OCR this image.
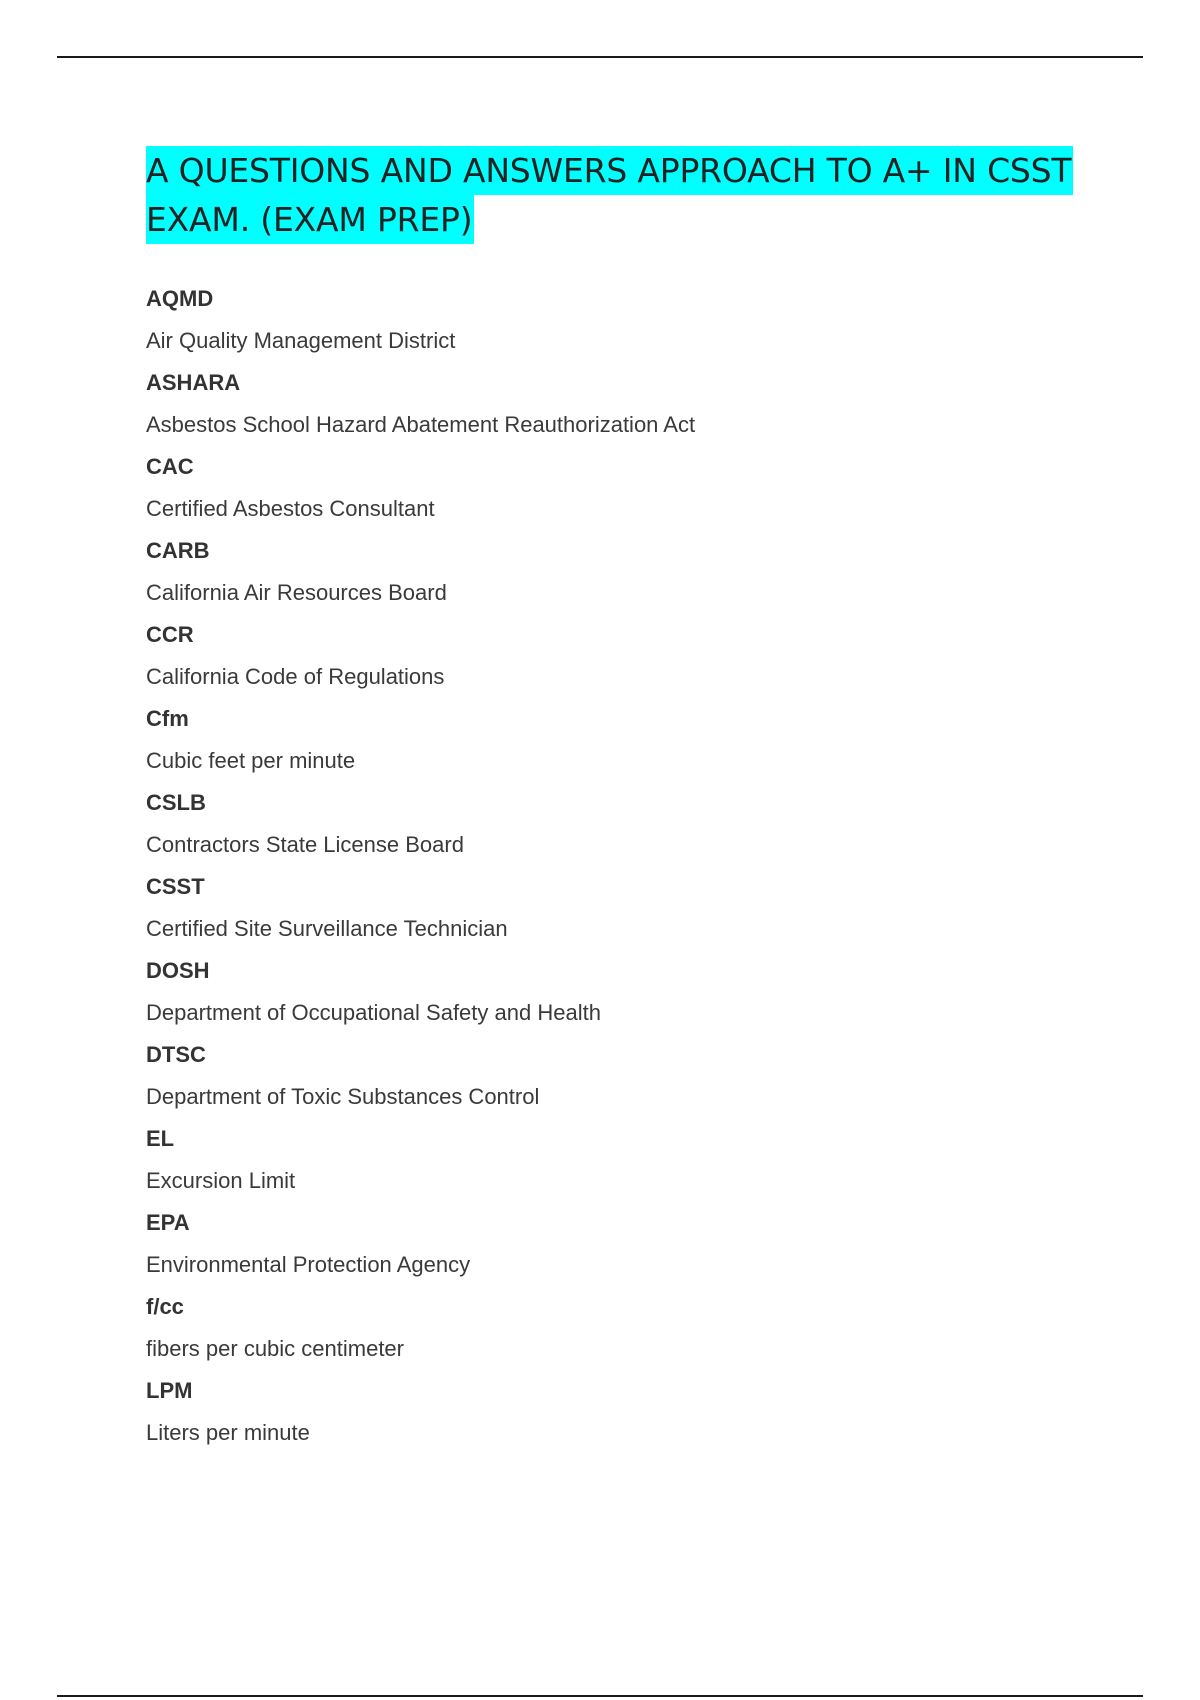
A QUESTIONS AND ANSWERS APPROACH TO A+ IN CSST
EXAM. (EXAM PREP)
AQMD
Air Quality Management District
ASHARA
Asbestos School Hazard Abatement Reauthorization Act
CAC
Certified Asbestos Consultant
CARB
California Air Resources Board
CCR
California Code of Regulations
Cfm
Cubic feet per minute
CSLB
Contractors State License Board
CSST
Certified Site Surveillance Technician
DOSH
Department of Occupational Safety and Health
DTSC
Department of Toxic Substances Control
EL
Excursion Limit
EPA
Environmental Protection Agency
f/cc
fibers per cubic centimeter
LPM
Liters per minute
